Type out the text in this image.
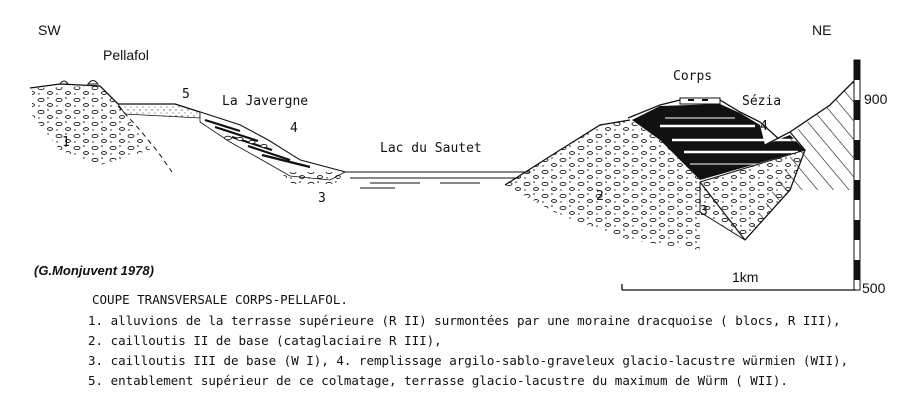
SW	NE
Pellafol
La Javergne
Lac du Sautet
Corps
Sézia
1
5
4
3	2
3
4
900
500
1km
(G.Monjuvent 1978)
COUPE TRANSVERSALE CORPS-PELLAFOL.
1. alluvions de la terrasse supérieure (R II) surmontées par une moraine dracquoise ( blocs, R III),
2. cailloutis II de base (cataglaciaire R III),
3. cailloutis III de base (W I), 4. remplissage argilo-sablo-graveleux glacio-lacustre würmien (WII),
5. entablement supérieur de ce colmatage, terrasse glacio-lacustre du maximum de Würm ( WII).
